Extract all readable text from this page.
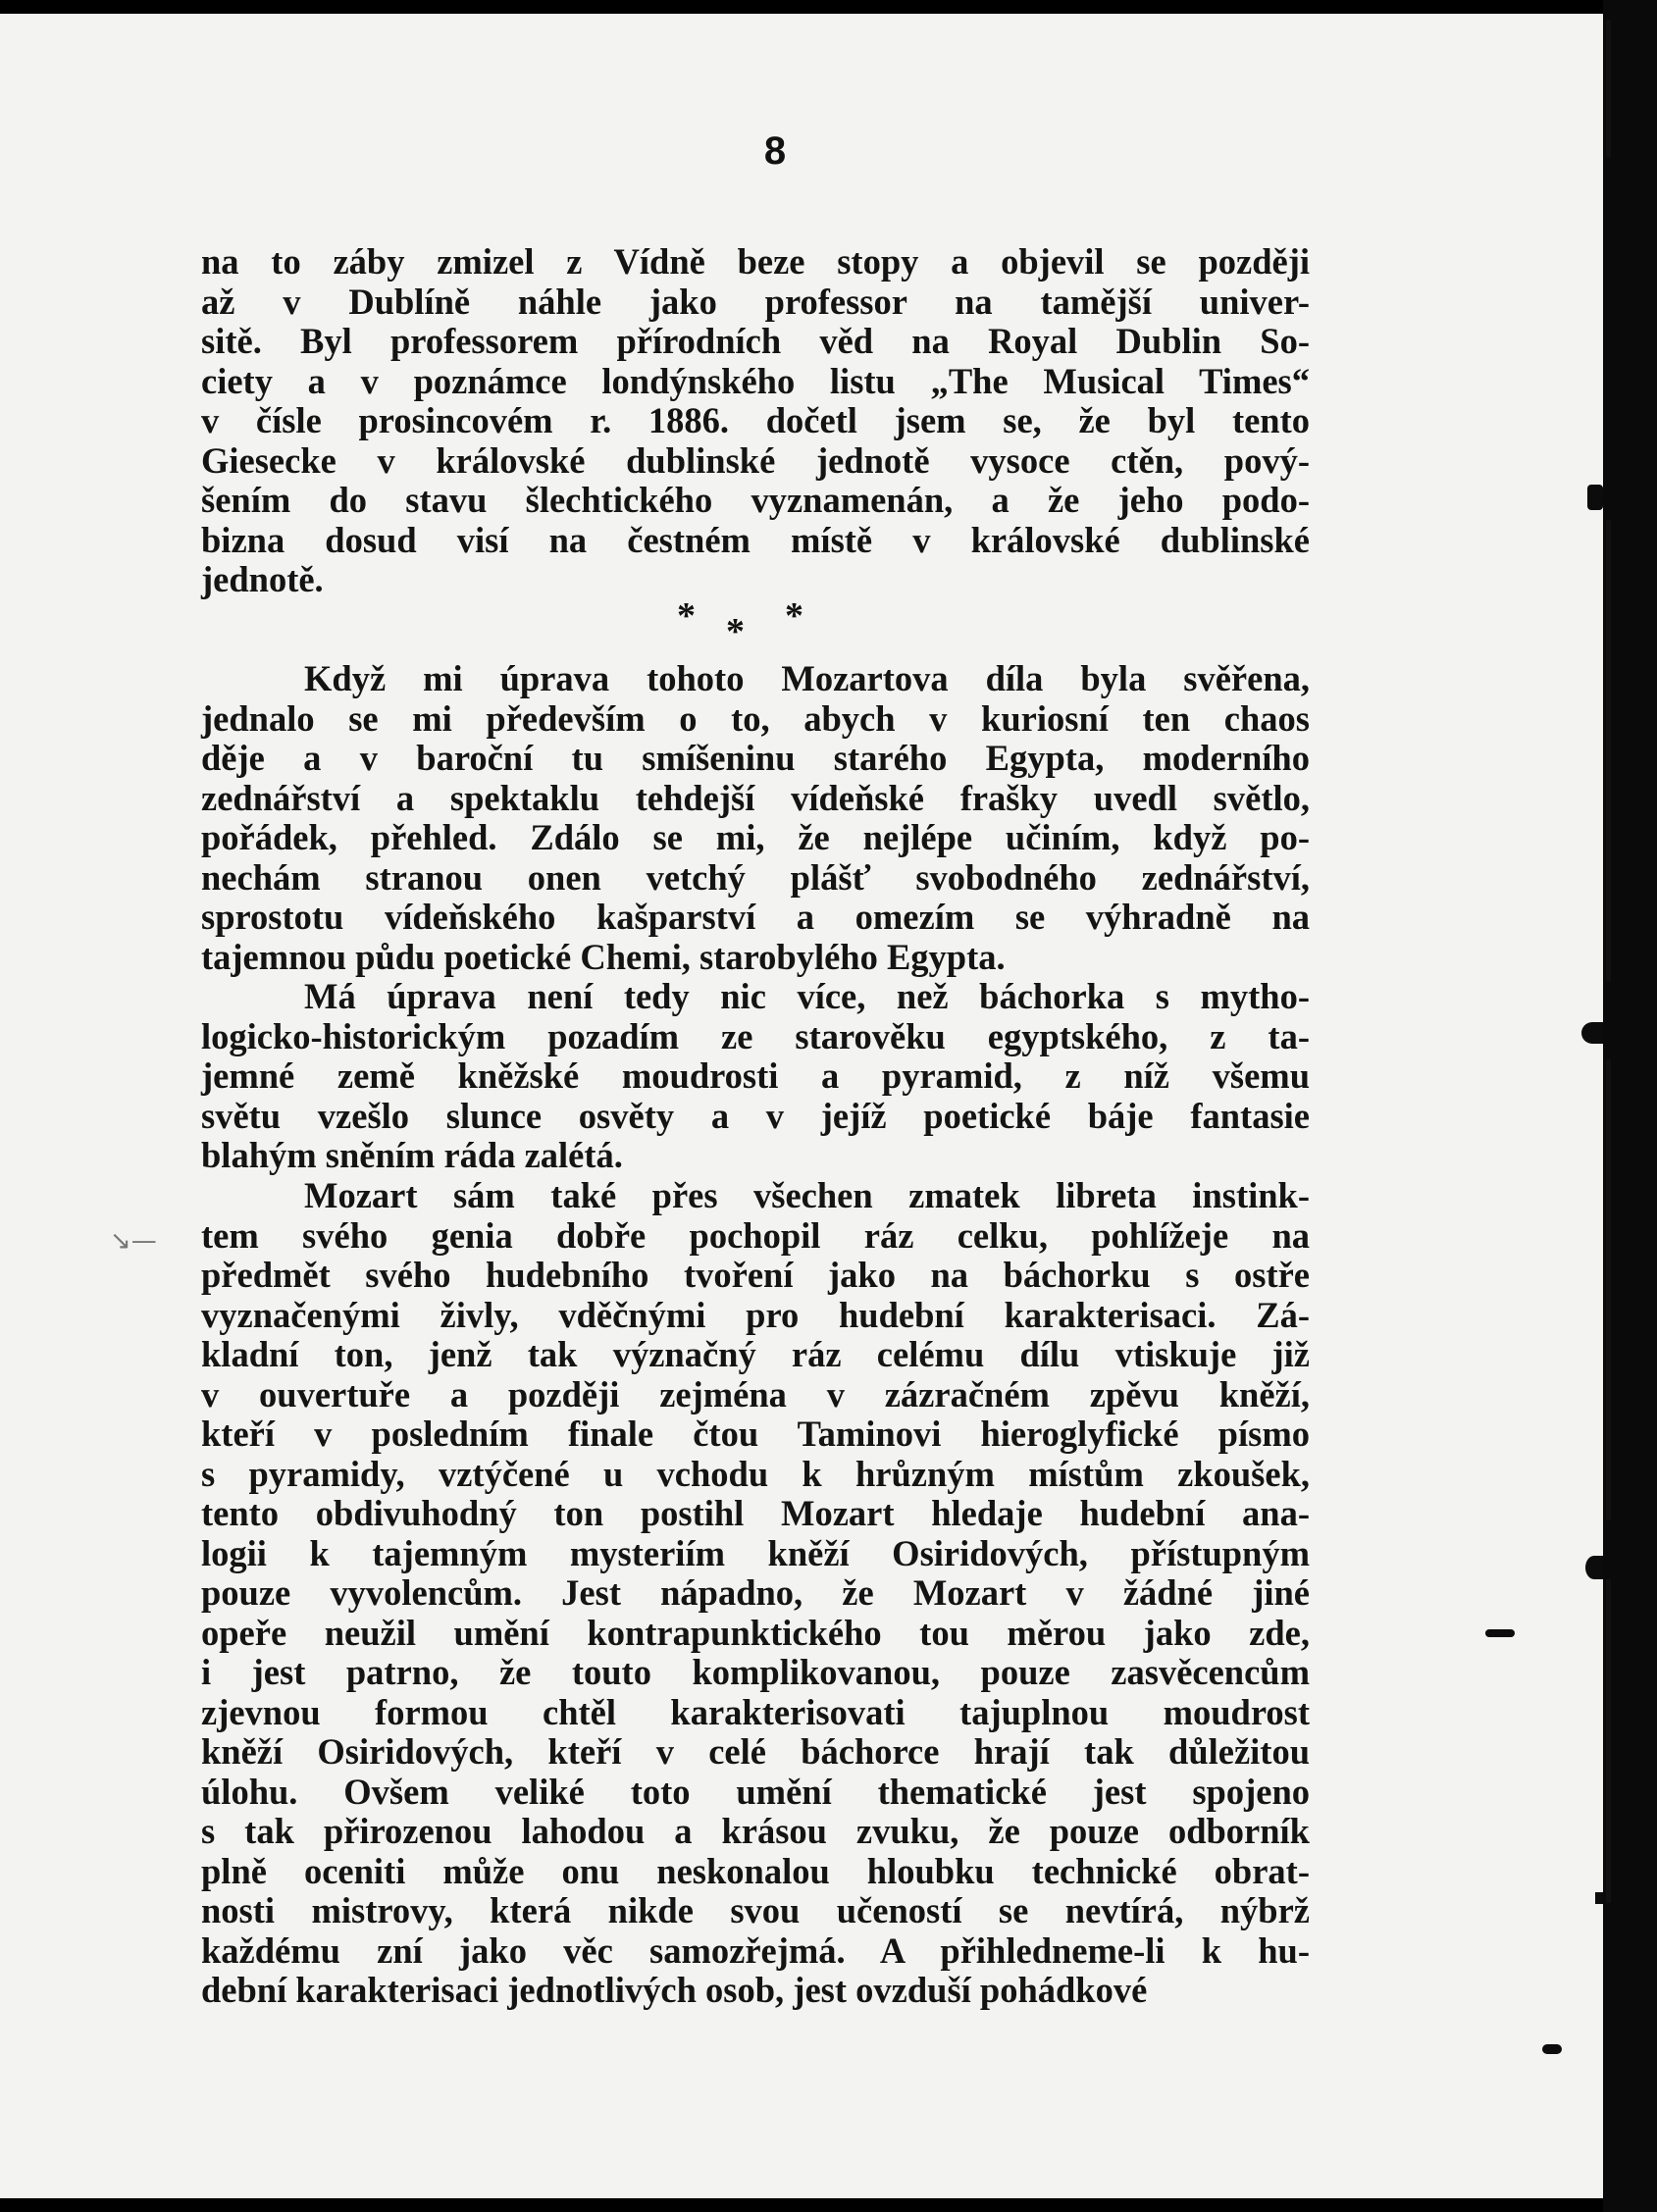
8
na to záby zmizel z Vídně beze stopy a objevil se později
až v Dublíně náhle jako professor na tamější univer-
sitě. Byl professorem přírodních věd na Royal Dublin So-
ciety a v poznámce londýnského listu „The Musical Times“
v čísle prosincovém r. 1886. dočetl jsem se, že byl tento
Giesecke v královské dublinské jednotě vysoce ctěn, pový-
šením do stavu šlechtického vyznamenán, a že jeho podo-
bizna dosud visí na čestném místě v královské dublinské
jednotě.
* * *
Když mi úprava tohoto Mozartova díla byla svěřena,
jednalo se mi především o to, abych v kuriosní ten chaos
děje a v baroční tu smíšeninu starého Egypta, moderního
zednářství a spektaklu tehdejší vídeňské frašky uvedl světlo,
pořádek, přehled. Zdálo se mi, že nejlépe učiním, když po-
nechám stranou onen vetchý plášť svobodného zednářství,
sprostotu vídeňského kašparství a omezím se výhradně na
tajemnou půdu poetické Chemi, starobylého Egypta.
Má úprava není tedy nic více, než báchorka s mytho-
logicko-historickým pozadím ze starověku egyptského, z ta-
jemné země kněžské moudrosti a pyramid, z níž všemu
světu vzešlo slunce osvěty a v jejíž poetické báje fantasie
blahým sněním ráda zalétá.
Mozart sám také přes všechen zmatek libreta instink-
tem svého genia dobře pochopil ráz celku, pohlížeje na
předmět svého hudebního tvoření jako na báchorku s ostře
vyznačenými živly, vděčnými pro hudební karakterisaci. Zá-
kladní ton, jenž tak význačný ráz celému dílu vtiskuje již
v ouvertuře a později zejména v zázračném zpěvu kněží,
kteří v posledním finale čtou Taminovi hieroglyfické písmo
s pyramidy, vztýčené u vchodu k hrůzným místům zkoušek,
tento obdivuhodný ton postihl Mozart hledaje hudební ana-
logii k tajemným mysteriím kněží Osiridových, přístupným
pouze vyvolencům. Jest nápadno, že Mozart v žádné jiné
opeře neužil umění kontrapunktického tou měrou jako zde,
i jest patrno, že touto komplikovanou, pouze zasvěcencům
zjevnou formou chtěl karakterisovati tajuplnou moudrost
kněží Osiridových, kteří v celé báchorce hrají tak důležitou
úlohu. Ovšem veliké toto umění thematické jest spojeno
s tak přirozenou lahodou a krásou zvuku, že pouze odborník
plně oceniti může onu neskonalou hloubku technické obrat-
nosti mistrovy, která nikde svou učeností se nevtírá, nýbrž
každému zní jako věc samozřejmá. A přihledneme-li k hu-
dební karakterisaci jednotlivých osob, jest ovzduší pohádkové
↘—
